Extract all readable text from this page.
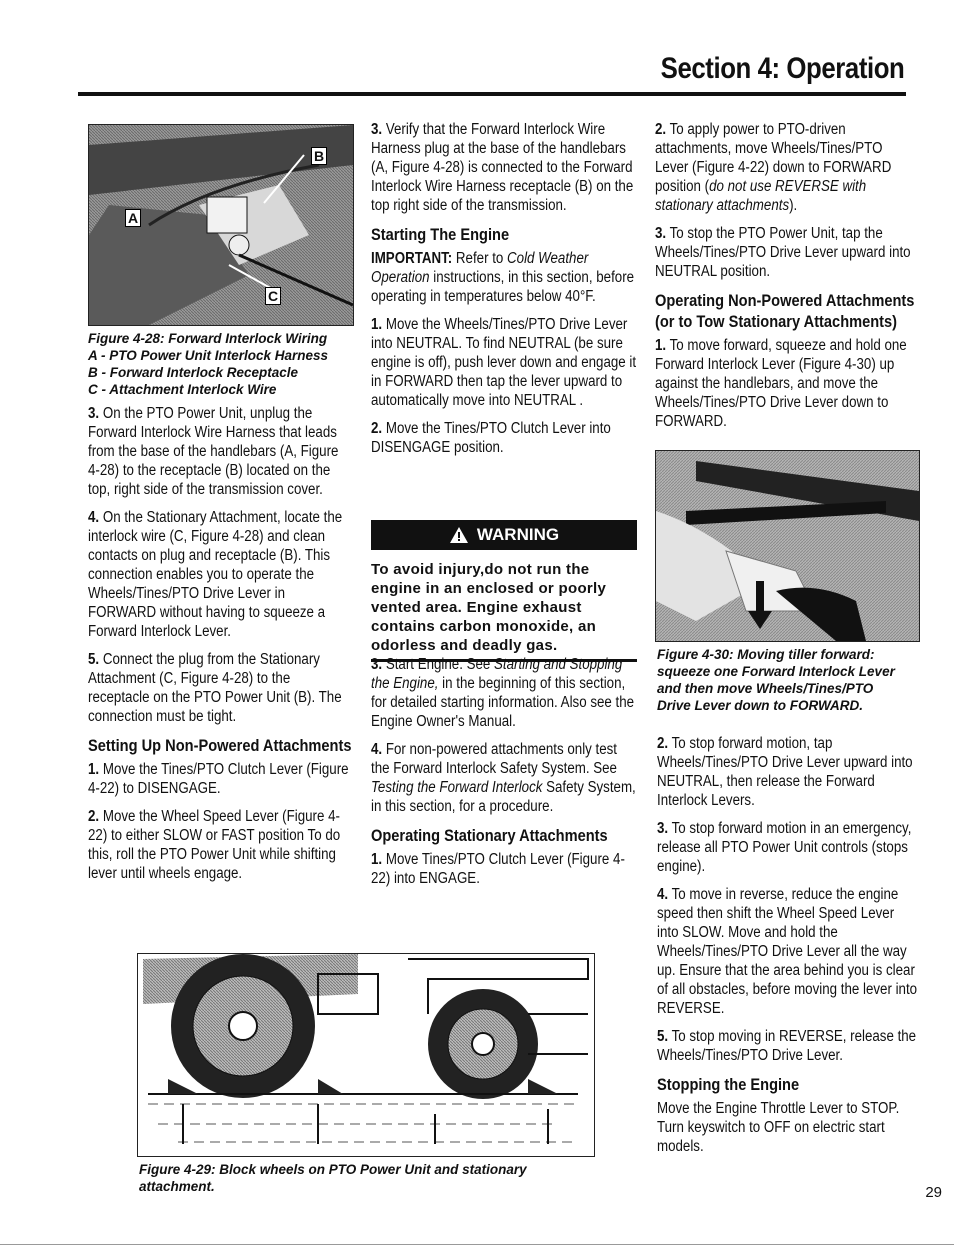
Section 4: Operation
B
A
C
Figure 4-28: Forward Interlock Wiring
A - PTO Power Unit Interlock Harness
B - Forward Interlock Receptacle
C - Attachment Interlock Wire

3. On the PTO Power Unit, unplug the Forward Interlock Wire Harness that leads from the base of the handlebars (A, Figure 4-28) to the receptacle (B) located on the top, right side of the transmission cover.

4. On the Stationary Attachment, locate the interlock wire (C, Figure 4-28) and clean contacts on plug and receptacle (B). This connection enables you to operate the Wheels/Tines/PTO Drive Lever in FORWARD without having to squeeze a Forward Interlock Lever.

5. Connect the plug from the Stationary Attachment (C, Figure 4-28) to the receptacle on the PTO Power Unit (B). The connection must be tight.

Setting Up Non-Powered Attachments

1. Move the Tines/PTO Clutch Lever (Figure 4-22) to DISENGAGE.

2. Move the Wheel Speed Lever (Figure 4-22) to either SLOW or FAST position To do this, roll the PTO Power Unit while shifting lever until wheels engage.

3. Verify that the Forward Interlock Wire Harness plug at the base of the handlebars (A, Figure 4-28) is connected to the Forward Interlock Wire Harness receptacle (B) on the top right side of the transmission.

Starting The Engine

IMPORTANT: Refer to Cold Weather Operation instructions, in this section, before operating in temperatures below 40°F.

1. Move the Wheels/Tines/PTO Drive Lever into NEUTRAL. To find NEUTRAL (be sure engine is off), push lever down and engage it in FORWARD then tap the lever upward to automatically move into NEUTRAL .

2. Move the Tines/PTO Clutch Lever into DISENGAGE position.

WARNING
To avoid injury,do not run the engine in an enclosed or poorly vented area. Engine exhaust contains carbon monoxide, an odorless and deadly gas.

3. Start Engine. See Starting and Stopping the Engine, in the beginning of this section, for detailed starting information. Also see the Engine Owner's Manual.

4. For non-powered attachments only test the Forward Interlock Safety System. See Testing the Forward Interlock Safety System, in this section, for a procedure.

Operating Stationary Attachments

1. Move Tines/PTO Clutch Lever (Figure 4-22) into ENGAGE.

2. To apply power to PTO-driven attachments, move Wheels/Tines/PTO Lever (Figure 4-22) down to FORWARD position (do not use REVERSE with stationary attachments).

3. To stop the PTO Power Unit, tap the Wheels/Tines/PTO Drive Lever upward into NEUTRAL position.

Operating Non-Powered Attachments (or to Tow Stationary Attachments)

1. To move forward, squeeze and hold one Forward Interlock Lever (Figure 4-30) up against the handlebars, and move the Wheels/Tines/PTO Drive Lever down to FORWARD.

Figure 4-30: Moving tiller forward:
squeeze one Forward Interlock Lever
and then move Wheels/Tines/PTO
Drive Lever down to FORWARD.

2. To stop forward motion, tap Wheels/Tines/PTO Drive Lever upward into NEUTRAL, then release the Forward Interlock Levers.

3. To stop forward motion in an emergency, release all PTO Power Unit controls (stops engine).

4. To move in reverse, reduce the engine speed then shift the Wheel Speed Lever into SLOW. Move and hold the Wheels/Tines/PTO Drive Lever all the way up. Ensure that the area behind you is clear of all obstacles, before moving the lever into REVERSE.

5. To stop moving in REVERSE, release the Wheels/Tines/PTO Drive Lever.

Stopping the Engine

Move the Engine Throttle Lever to STOP. Turn keyswitch to OFF on electric start models.

Figure 4-29: Block wheels on PTO Power Unit and stationary
attachment.	29
